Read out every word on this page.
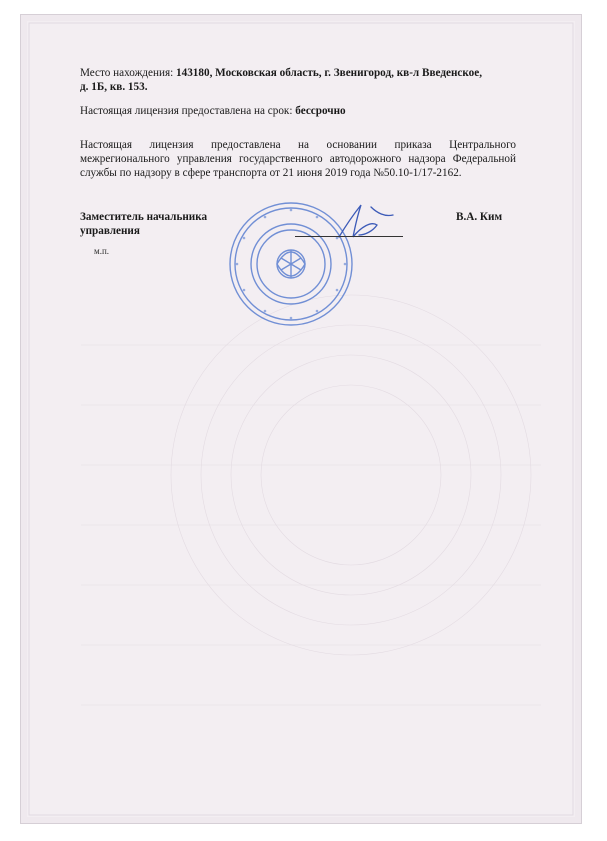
Место нахождения: 143180, Московская область, г. Звенигород, кв-л Введенское,
д. 1Б, кв. 153.
Настоящая лицензия предоставлена на срок: бессрочно
Настоящая лицензия предоставлена на основании приказа Центрального межрегионального управления государственного автодорожного надзора Федеральной службы по надзору в сфере транспорта от 21 июня 2019 года №50.10-1/17-2162.
Заместитель начальника
управления
В.А. Ким
м.п.
